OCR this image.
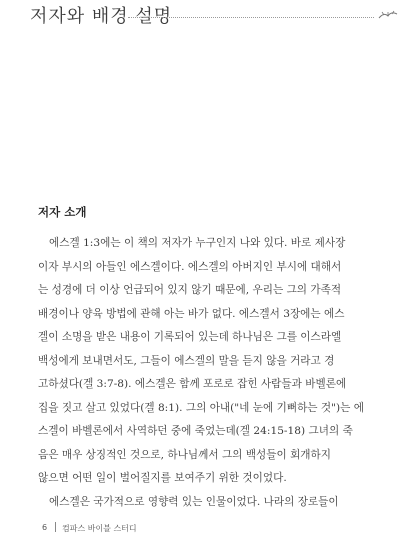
저자와 배경 설명
저자 소개

에스겔 1:3에는 이 책의 저자가 누구인지 나와 있다. 바로 제사장
이자 부시의 아들인 에스겔이다. 에스겔의 아버지인 부시에 대해서
는 성경에 더 이상 언급되어 있지 않기 때문에, 우리는 그의 가족적
배경이나 양육 방법에 관해 아는 바가 없다. 에스겔서 3장에는 에스
겔이 소명을 받은 내용이 기록되어 있는데 하나님은 그를 이스라엘
백성에게 보내면서도, 그들이 에스겔의 말을 듣지 않을 거라고 경
고하셨다(겔 3:7-8). 에스겔은 함께 포로로 잡힌 사람들과 바벨론에
집을 짓고 살고 있었다(겔 8:1). 그의 아내("네 눈에 기뻐하는 것")는 에
스겔이 바벨론에서 사역하던 중에 죽었는데(겔 24:15-18) 그녀의 죽
음은 매우 상징적인 것으로, 하나님께서 그의 백성들이 회개하지
않으면 어떤 일이 벌어질지를 보여주기 위한 것이었다.

에스겔은 국가적으로 영향력 있는 인물이었다. 나라의 장로들이

6 컴파스 바이블 스터디
